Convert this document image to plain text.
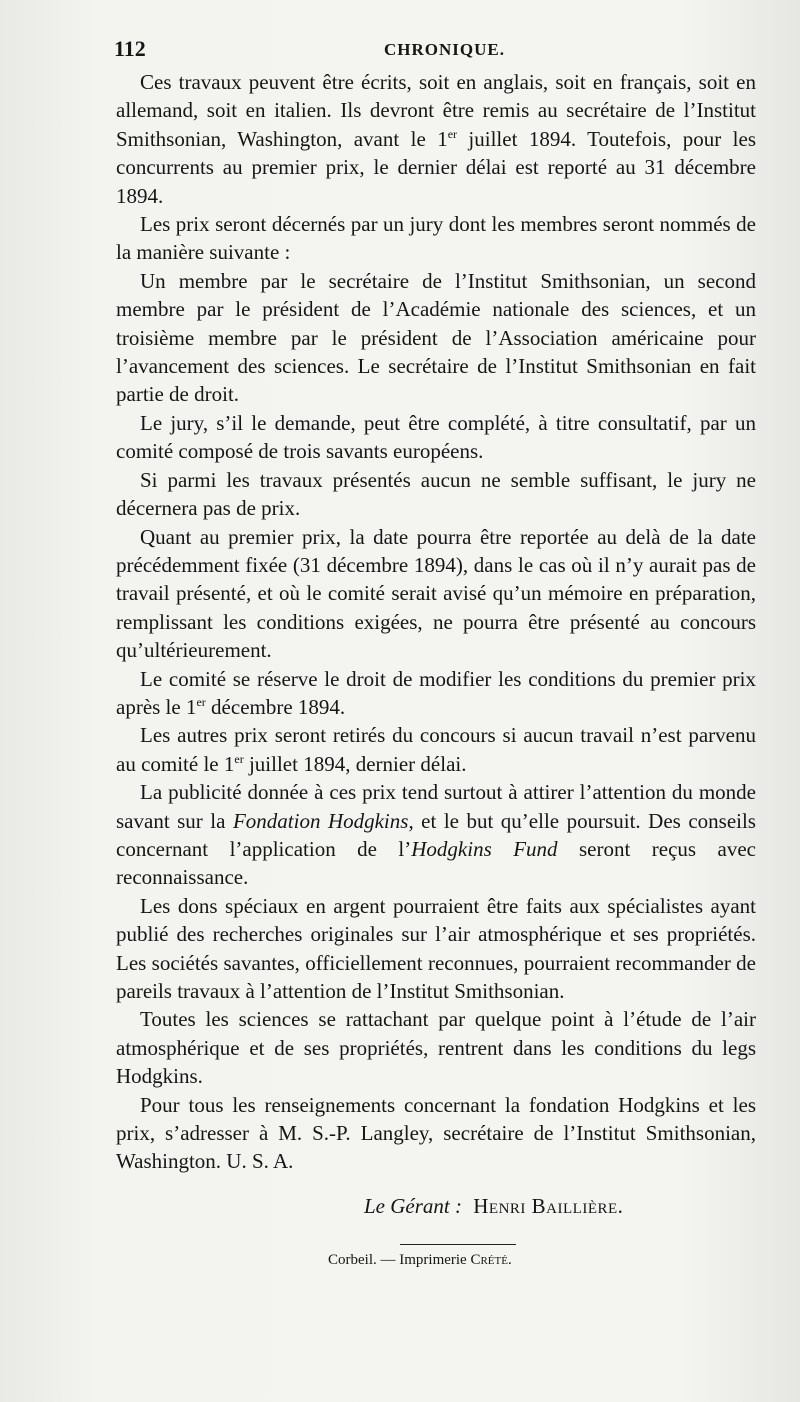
112	CHRONIQUE.

Ces travaux peuvent être écrits, soit en anglais, soit en français, soit en allemand, soit en italien. Ils devront être remis au secrétaire de l’Institut Smithsonian, Washington, avant le 1er juillet 1894. Toutefois, pour les concurrents au premier prix, le dernier délai est reporté au 31 décembre 1894.

Les prix seront décernés par un jury dont les membres seront nommés de la manière suivante :

Un membre par le secrétaire de l’Institut Smithsonian, un second membre par le président de l’Académie nationale des sciences, et un troisième membre par le président de l’Association américaine pour l’avancement des sciences. Le secrétaire de l’Institut Smithsonian en fait partie de droit.

Le jury, s’il le demande, peut être complété, à titre consultatif, par un comité composé de trois savants européens.

Si parmi les travaux présentés aucun ne semble suffisant, le jury ne décernera pas de prix.

Quant au premier prix, la date pourra être reportée au delà de la date précédemment fixée (31 décembre 1894), dans le cas où il n’y aurait pas de travail présenté, et où le comité serait avisé qu’un mémoire en préparation, remplissant les conditions exigées, ne pourra être présenté au concours qu’ultérieurement.

Le comité se réserve le droit de modifier les conditions du premier prix après le 1er décembre 1894.

Les autres prix seront retirés du concours si aucun travail n’est parvenu au comité le 1er juillet 1894, dernier délai.

La publicité donnée à ces prix tend surtout à attirer l’attention du monde savant sur la Fondation Hodgkins, et le but qu’elle poursuit. Des conseils concernant l’application de l’Hodgkins Fund seront reçus avec reconnaissance.

Les dons spéciaux en argent pourraient être faits aux spécialistes ayant publié des recherches originales sur l’air atmosphérique et ses propriétés. Les sociétés savantes, officiellement reconnues, pourraient recommander de pareils travaux à l’attention de l’Institut Smithsonian.

Toutes les sciences se rattachant par quelque point à l’étude de l’air atmosphérique et de ses propriétés, rentrent dans les conditions du legs Hodgkins.

Pour tous les renseignements concernant la fondation Hodgkins et les prix, s’adresser à M. S.-P. Langley, secrétaire de l’Institut Smithsonian, Washington. U. S. A.

Le Gérant : Henri Baillière.
Corbeil. — Imprimerie Crété.
